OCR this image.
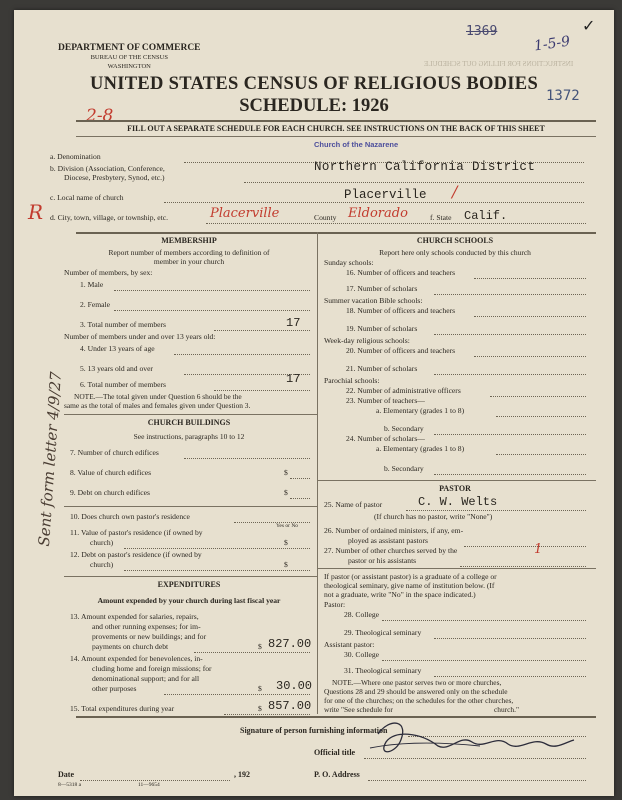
1369
1-5-9
✓
1372
INSTRUCTIONS FOR FILLING OUT SCHEDULE
DEPARTMENT OF COMMERCE
BUREAU OF THE CENSUS
WASHINGTON
UNITED STATES CENSUS OF RELIGIOUS BODIES
SCHEDULE: 1926
2-8
FILL OUT A SEPARATE SCHEDULE FOR EACH CHURCH. SEE INSTRUCTIONS ON THE BACK OF THIS SHEET
Church of the Nazarene
a. Denomination
b. Division (Association, Conference,
Diocese, Presbytery, Synod, etc.)
Northern California District
c. Local name of church	Placerville /
R d. City, town, village, or township, etc.	Placerville	County Eldorado	f. State Calif.
Sent form letter 4/9/27
MEMBERSHIP
Report number of members according to definition of
member in your church
Number of members, by sex:
1. Male
2. Female
3. Total number of members	17
Number of members under and over 13 years old:
4. Under 13 years of age
5. 13 years old and over
6. Total number of members	17
NOTE.—The total given under Question 6 should be the
same as the total of males and females given under Question 3.
CHURCH BUILDINGS
See instructions, paragraphs 10 to 12
7. Number of church edifices
8. Value of church edifices	$
9. Debt on church edifices	$
10. Does church own pastor's residence
Yes or No
11. Value of pastor's residence (if owned by
church)	$
12. Debt on pastor's residence (if owned by
church)	$
EXPENDITURES
Amount expended by your church during last fiscal year
13. Amount expended for salaries, repairs,
and other running expenses; for im-
provements or new buildings; and for
payments on church debt	$ 827.00
14. Amount expended for benevolences, in-
cluding home and foreign missions; for
denominational support; and for all
other purposes	$ 30.00
15. Total expenditures during year	$ 857.00
CHURCH SCHOOLS
Report here only schools conducted by this church
Sunday schools:
16. Number of officers and teachers
17. Number of scholars
Summer vacation Bible schools:
18. Number of officers and teachers
19. Number of scholars
Week-day religious schools:
20. Number of officers and teachers
21. Number of scholars
Parochial schools:
22. Number of administrative officers
23. Number of teachers—
a. Elementary (grades 1 to 8)
b. Secondary
24. Number of scholars—
a. Elementary (grades 1 to 8)
b. Secondary
PASTOR
25. Name of pastor	C. W. Welts
(If church has no pastor, write "None")
26. Number of ordained ministers, if any, em-
ployed as assistant pastors
27. Number of other churches served by the
pastor or his assistants
1
If pastor (or assistant pastor) is a graduate of a college or
theological seminary, give name of institution below. (If
not a graduate, write "No" in the space indicated.)
Pastor:
28. College
29. Theological seminary
Assistant pastor:
30. College
31. Theological seminary
NOTE.—Where one pastor serves two or more churches,
Questions 28 and 29 should be answered only on the schedule
for one of the churches; on the schedules for the other churches,
write "See schedule for	church."
Signature of person furnishing information
Official title
Date	, 192	P. O. Address
8—5318 a	11—9654
